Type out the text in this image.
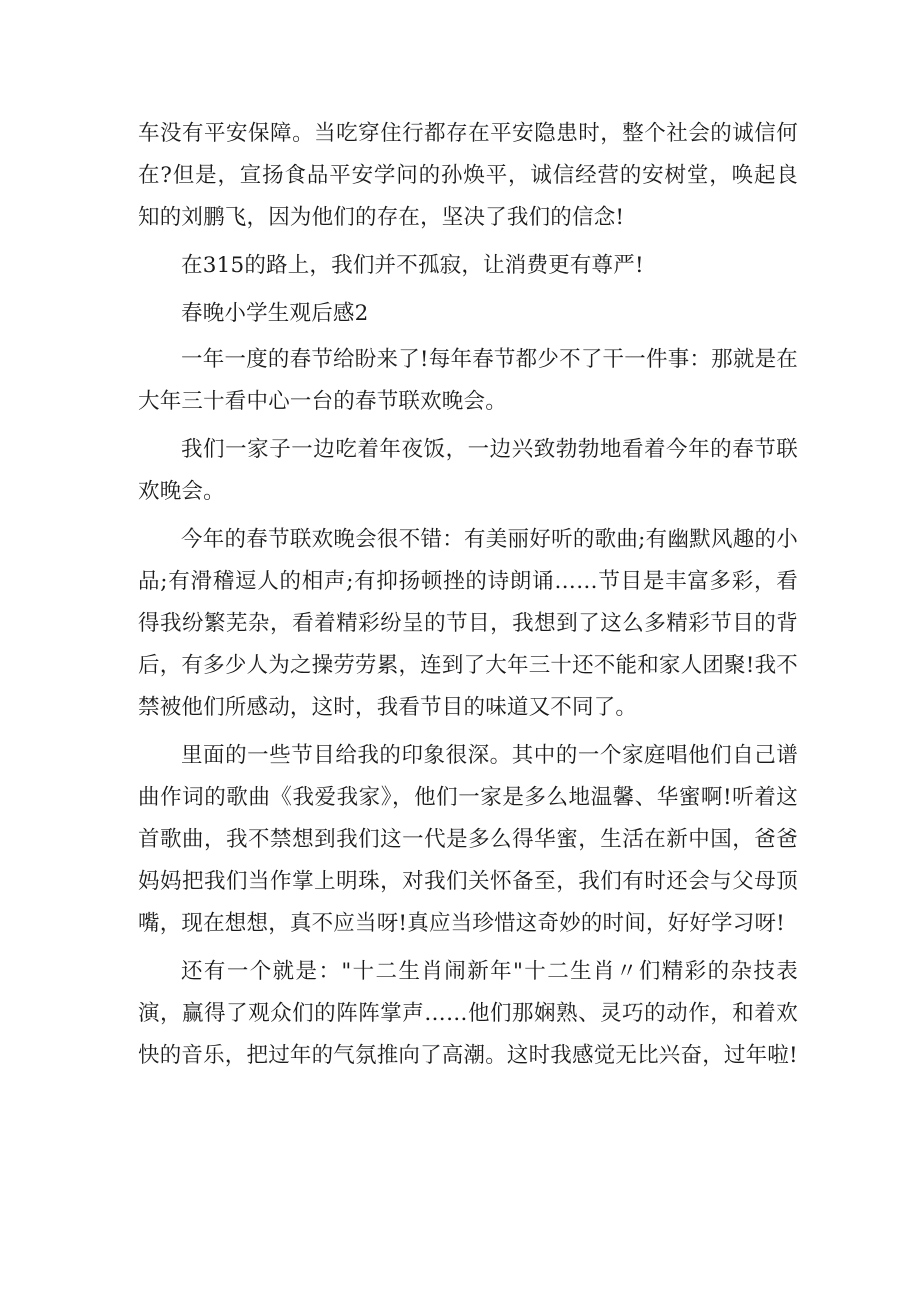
车没有平安保障。当吃穿住行都存在平安隐患时，整个社会的诚信何在?但是，宣扬食品平安学问的孙焕平，诚信经营的安树堂，唤起良知的刘鹏飞，因为他们的存在，坚决了我们的信念!

在315的路上，我们并不孤寂，让消费更有尊严!

春晚小学生观后感2

一年一度的春节给盼来了!每年春节都少不了干一件事：那就是在大年三十看中心一台的春节联欢晚会。

我们一家子一边吃着年夜饭，一边兴致勃勃地看着今年的春节联欢晚会。

今年的春节联欢晚会很不错：有美丽好听的歌曲;有幽默风趣的小品;有滑稽逗人的相声;有抑扬顿挫的诗朗诵……节目是丰富多彩，看得我纷繁芜杂，看着精彩纷呈的节目，我想到了这么多精彩节目的背后，有多少人为之操劳劳累，连到了大年三十还不能和家人团聚!我不禁被他们所感动，这时，我看节目的味道又不同了。

里面的一些节目给我的印象很深。其中的一个家庭唱他们自己谱曲作词的歌曲《我爱我家》，他们一家是多么地温馨、华蜜啊!听着这首歌曲，我不禁想到我们这一代是多么得华蜜，生活在新中国，爸爸妈妈把我们当作掌上明珠，对我们关怀备至，我们有时还会与父母顶嘴，现在想想，真不应当呀!真应当珍惜这奇妙的时间，好好学习呀!

还有一个就是："十二生肖闹新年"十二生肖〃们精彩的杂技表演，赢得了观众们的阵阵掌声……他们那娴熟、灵巧的动作，和着欢快的音乐，把过年的气氛推向了高潮。这时我感觉无比兴奋，过年啦!
